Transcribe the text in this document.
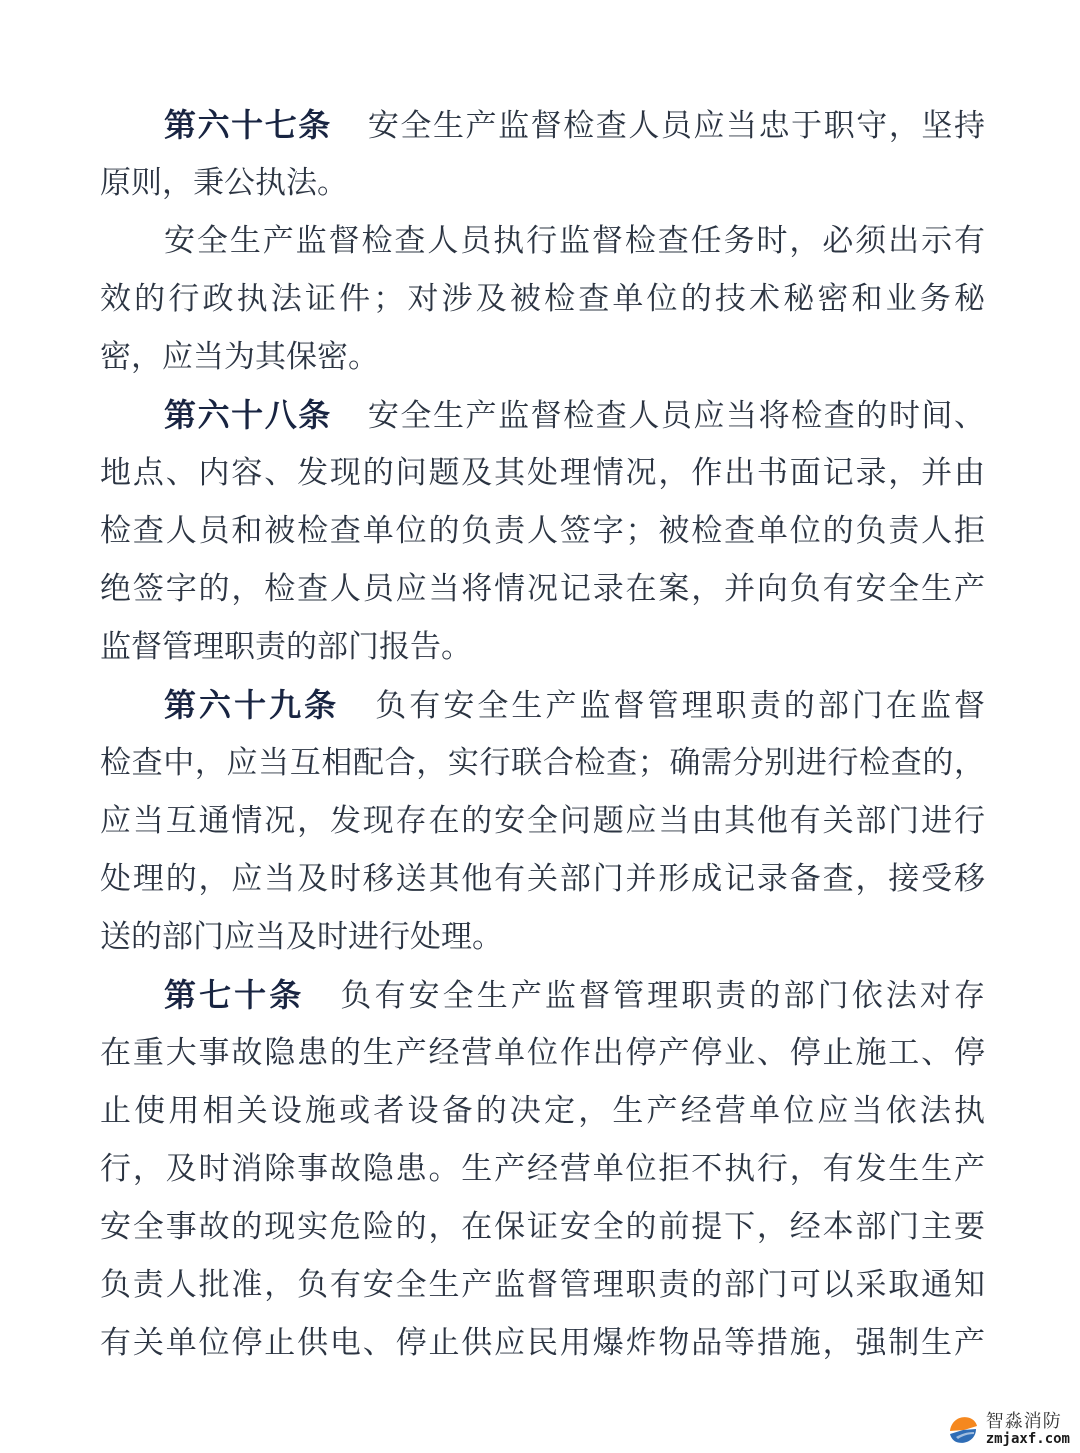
第六十七条 安全生产监督检查人员应当忠于职守，坚持
原则，秉公执法。
安全生产监督检查人员执行监督检查任务时，必须出示有
效的行政执法证件；对涉及被检查单位的技术秘密和业务秘
密，应当为其保密。
第六十八条 安全生产监督检查人员应当将检查的时间、
地点、内容、发现的问题及其处理情况，作出书面记录，并由
检查人员和被检查单位的负责人签字；被检查单位的负责人拒
绝签字的，检查人员应当将情况记录在案，并向负有安全生产
监督管理职责的部门报告。
第六十九条 负有安全生产监督管理职责的部门在监督
检查中，应当互相配合，实行联合检查；确需分别进行检查的，
应当互通情况，发现存在的安全问题应当由其他有关部门进行
处理的，应当及时移送其他有关部门并形成记录备查，接受移
送的部门应当及时进行处理。
第七十条 负有安全生产监督管理职责的部门依法对存
在重大事故隐患的生产经营单位作出停产停业、停止施工、停
止使用相关设施或者设备的决定，生产经营单位应当依法执
行，及时消除事故隐患。生产经营单位拒不执行，有发生生产
安全事故的现实危险的，在保证安全的前提下，经本部门主要
负责人批准，负有安全生产监督管理职责的部门可以采取通知
有关单位停止供电、停止供应民用爆炸物品等措施，强制生产
智淼消防
zmjaxf.com
